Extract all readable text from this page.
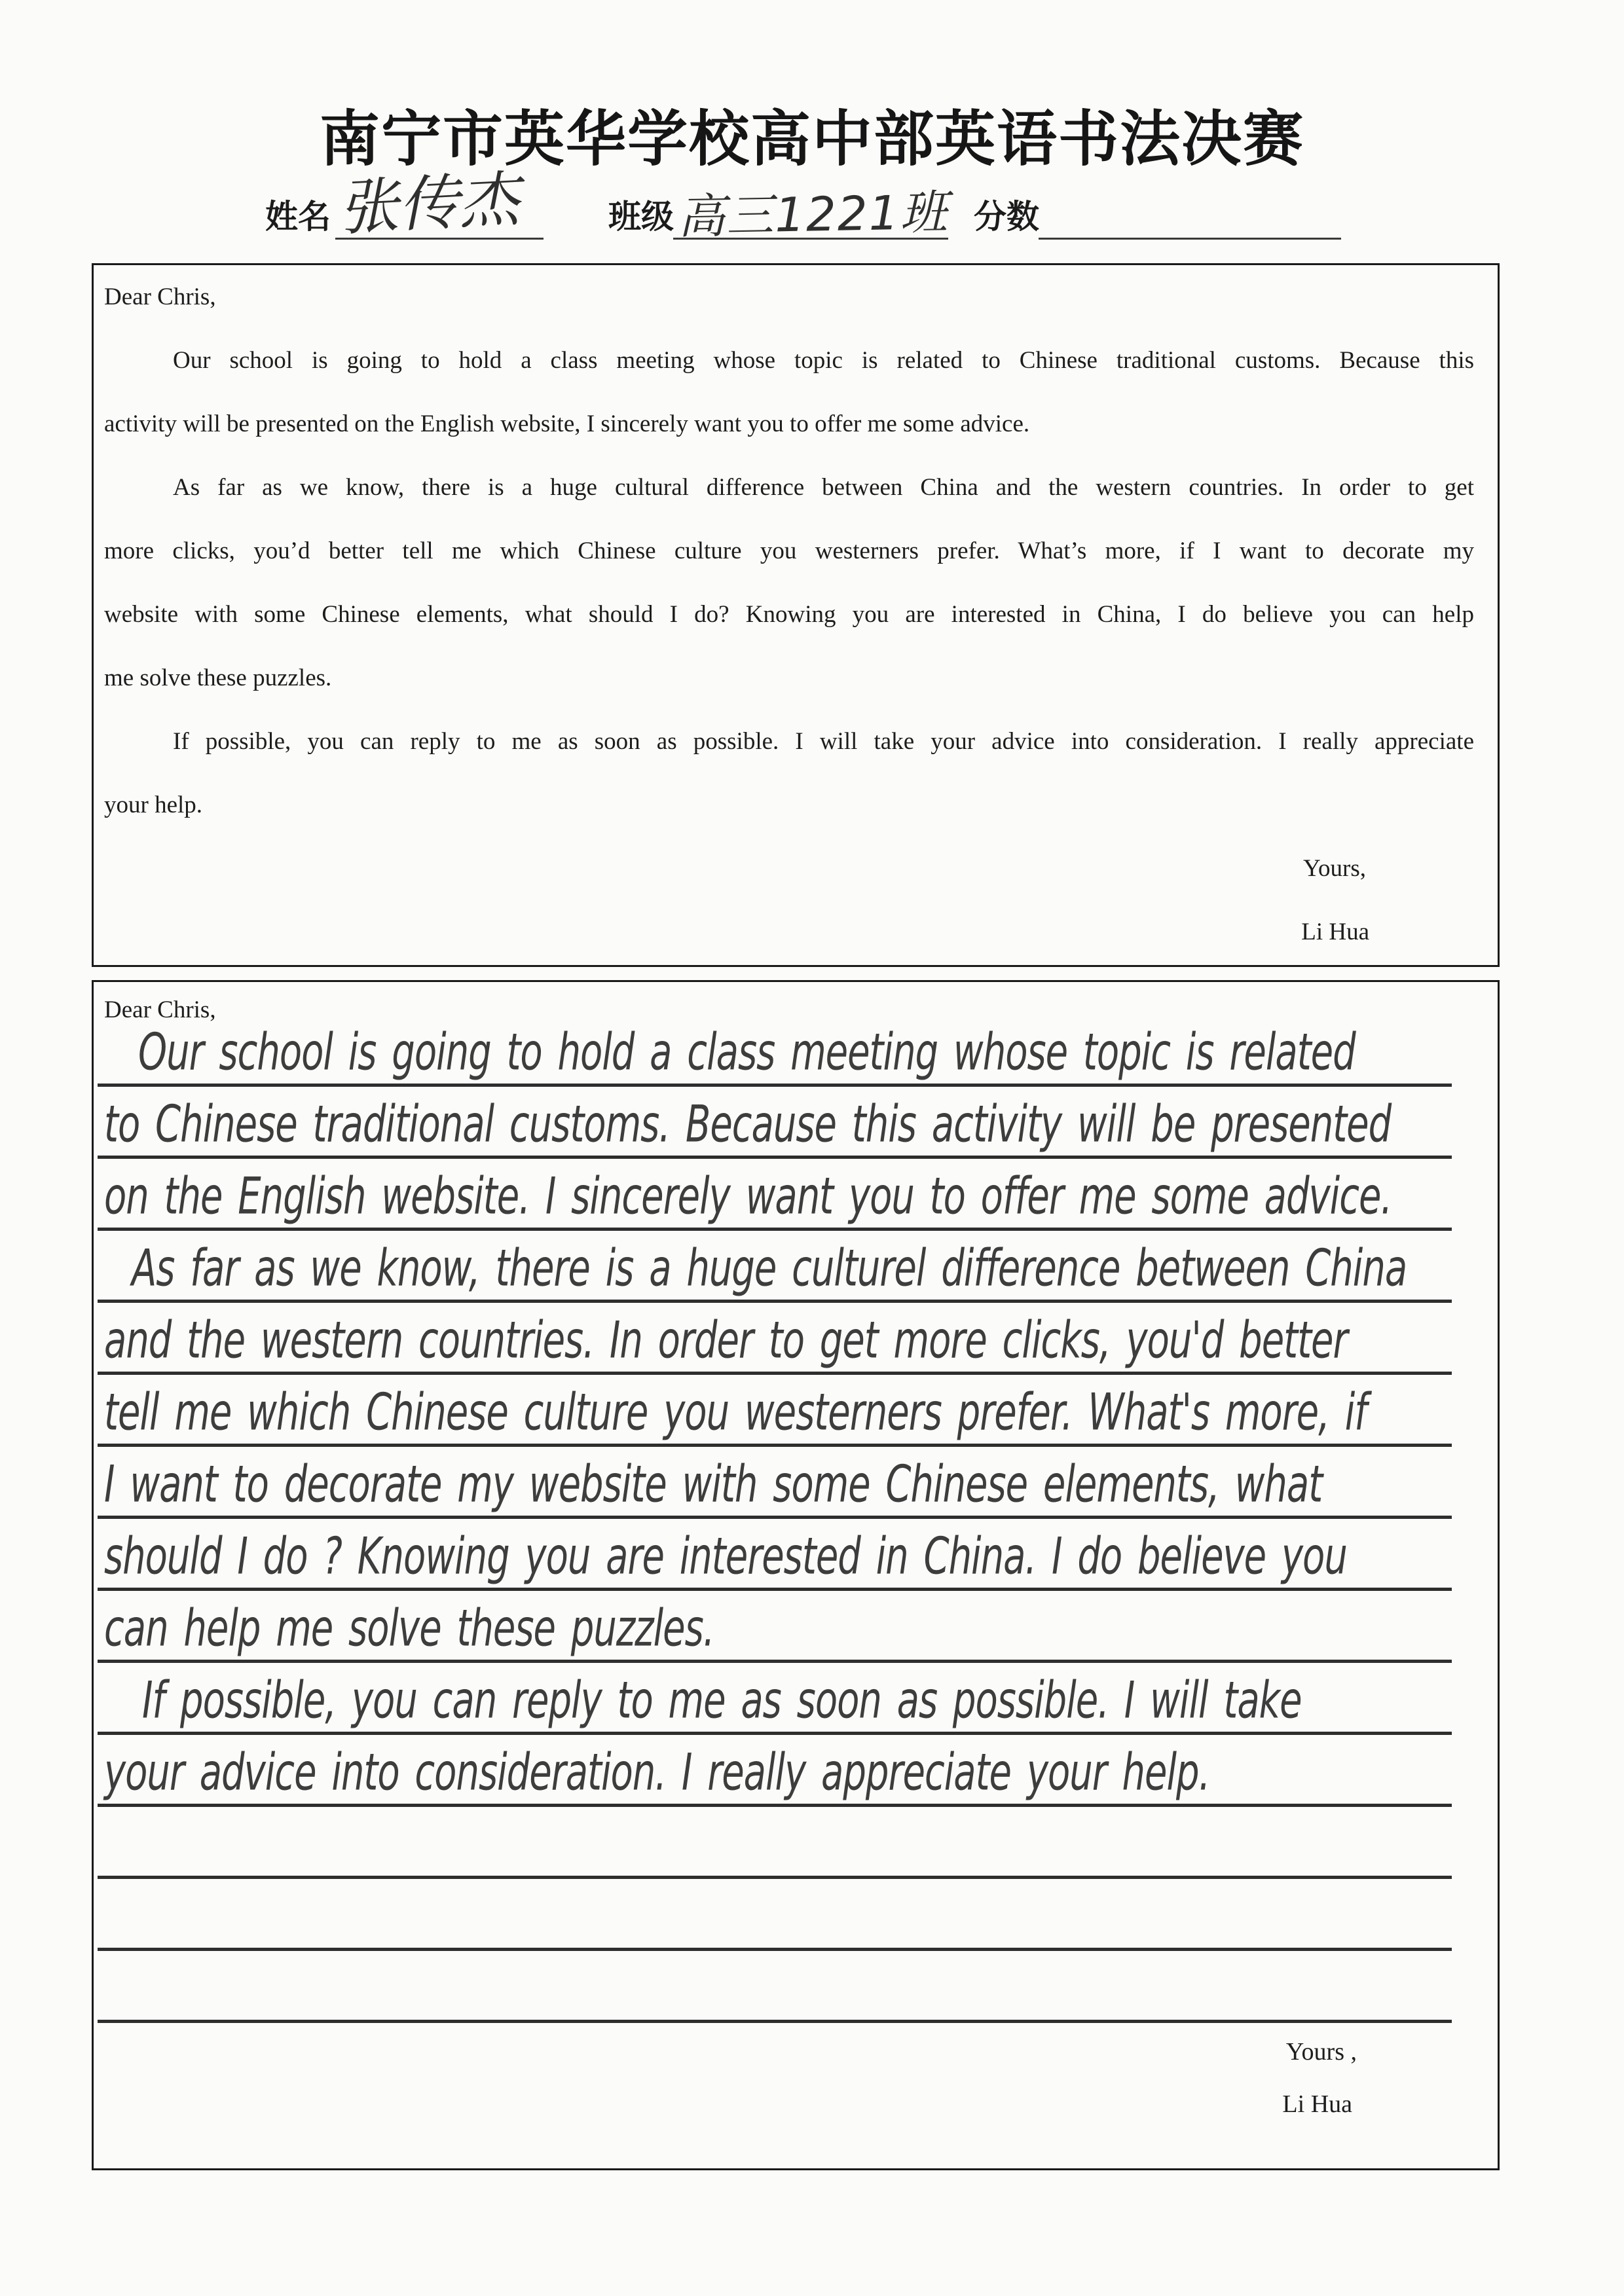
南宁市英华学校高中部英语书法决赛
姓名 张传杰	班级 高三1221班 分数
Dear Chris,
Our school is going to hold a class meeting whose topic is related to Chinese traditional customs. Because this
activity will be presented on the English website, I sincerely want you to offer me some advice.
As far as we know, there is a huge cultural difference between China and the western countries. In order to get
more clicks, you’d better tell me which Chinese culture you westerners prefer. What’s more, if I want to decorate my
website with some Chinese elements, what should I do? Knowing you are interested in China, I do believe you can help
me solve these puzzles.
If possible, you can reply to me as soon as possible. I will take your advice into consideration. I really appreciate
your help.
Yours,
Li Hua
Dear Chris,
Our school is going to hold a class meeting whose topic is related
to Chinese traditional customs. Because this activity will be presented
on the English website. I sincerely want you to offer me some advice.
As far as we know, there is a huge culturel difference between China
and the western countries. In order to get more clicks, you'd better
tell me which Chinese culture you westerners prefer. What's more, if
I want to decorate my website with some Chinese elements, what
should I do ? Knowing you are interested in China. I do believe you
can help me solve these puzzles.
If possible, you can reply to me as soon as possible. I will take
your advice into consideration. I really appreciate your help.
Yours ,
Li Hua
